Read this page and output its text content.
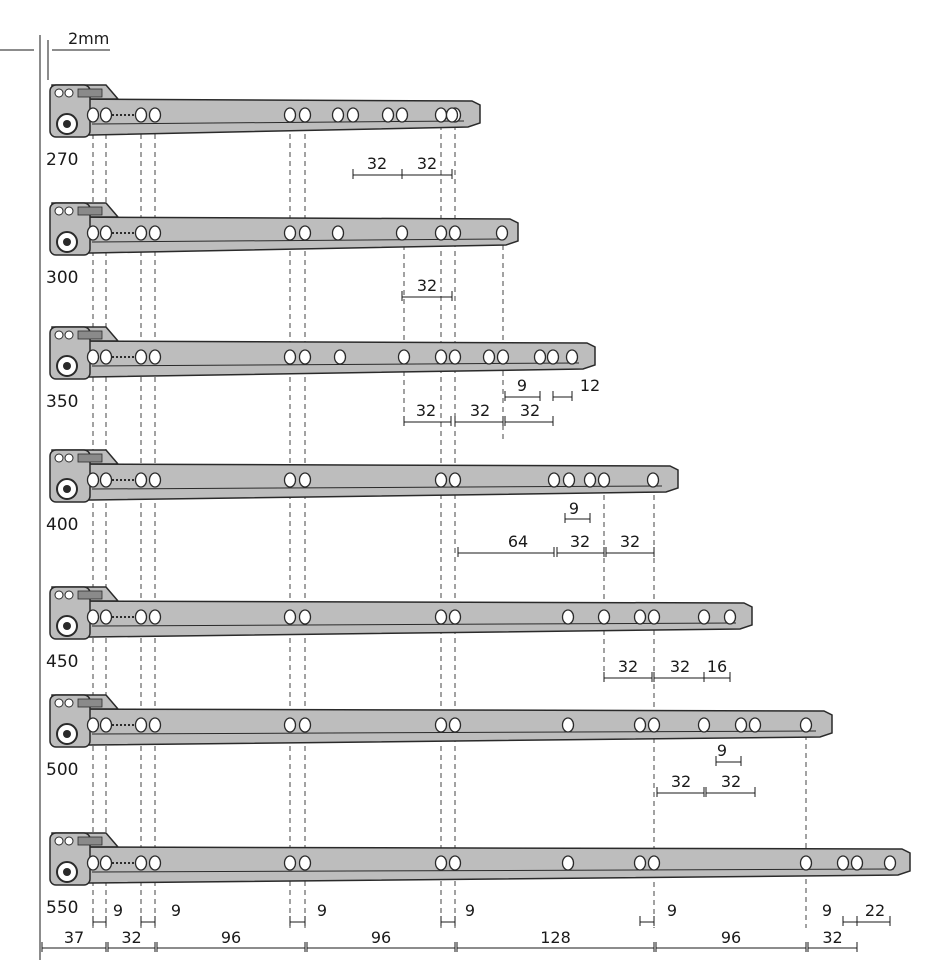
2mm
32 32
32
9	12
32 32 32
9
64	32 32
32 32 16
9
32 32
9	9	9	9	9	9 22
37 32	96	96	128	96	32
270
300
350
400
450
500
550
